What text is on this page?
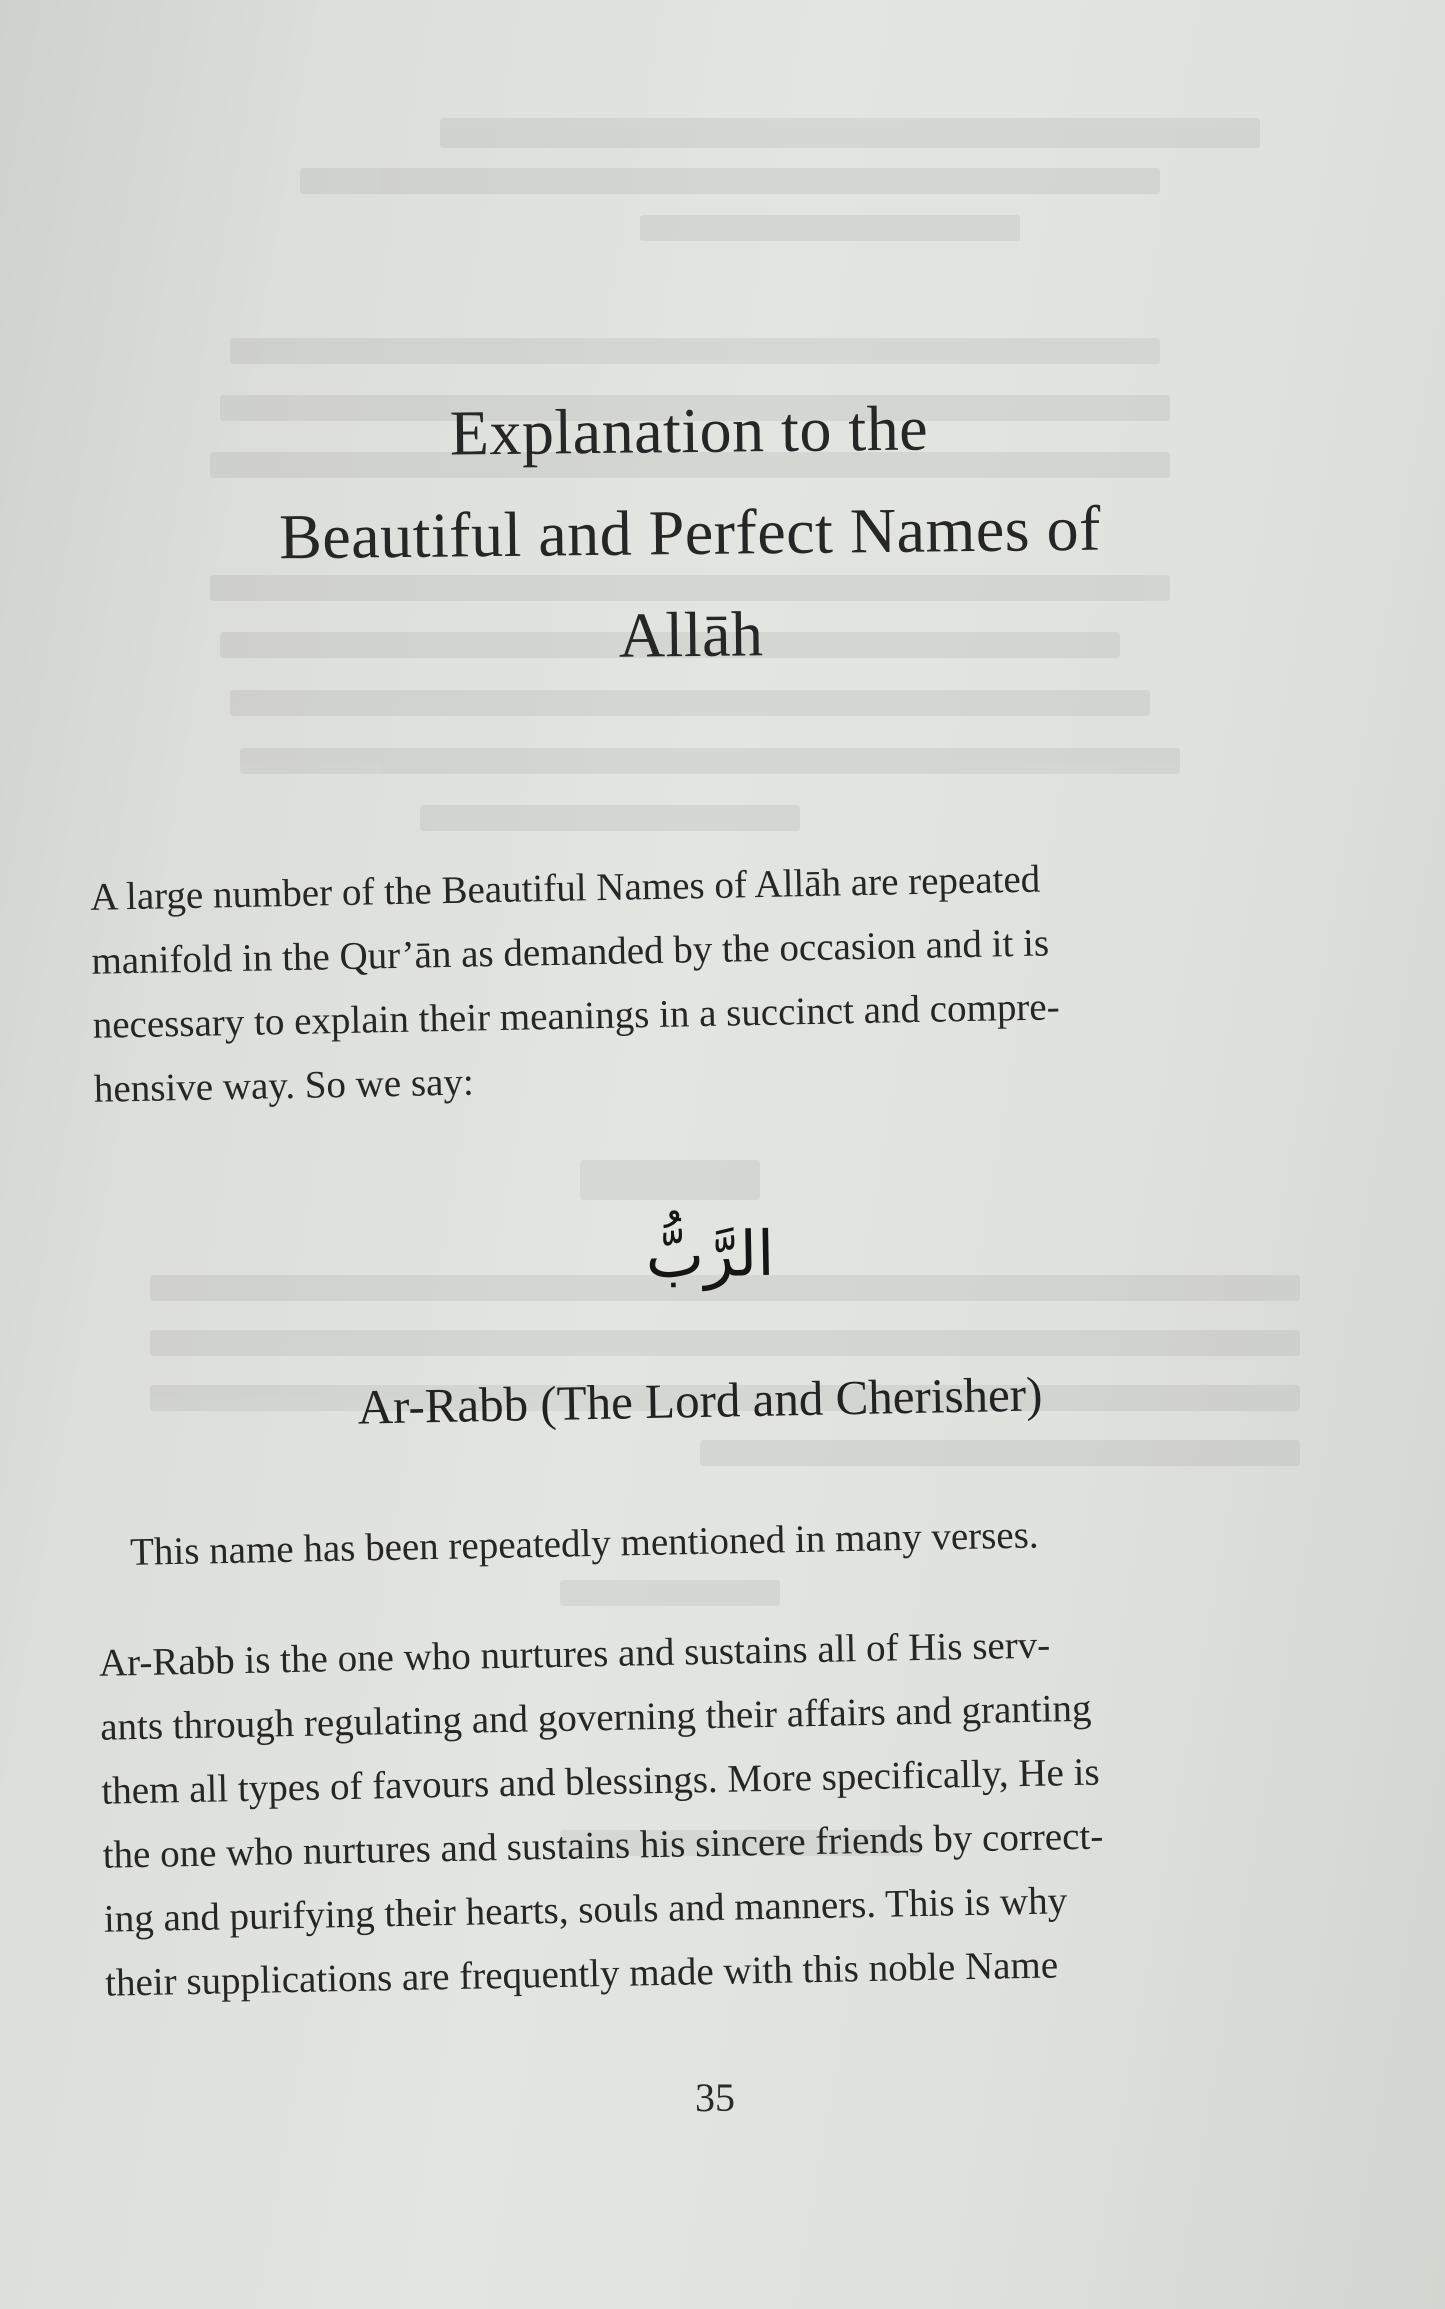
Explanation to the
Beautiful and Perfect Names of
Allāh

A large number of the Beautiful Names of Allāh are repeated
manifold in the Qur’ān as demanded by the occasion and it is
necessary to explain their meanings in a succinct and compre-
hensive way. So we say:

الرَّبُّ
Ar-Rabb (The Lord and Cherisher)

This name has been repeatedly mentioned in many verses.

Ar-Rabb is the one who nurtures and sustains all of His serv-
ants through regulating and governing their affairs and granting
them all types of favours and blessings. More specifically, He is
the one who nurtures and sustains his sincere friends by correct-
ing and purifying their hearts, souls and manners. This is why
their supplications are frequently made with this noble Name

35
